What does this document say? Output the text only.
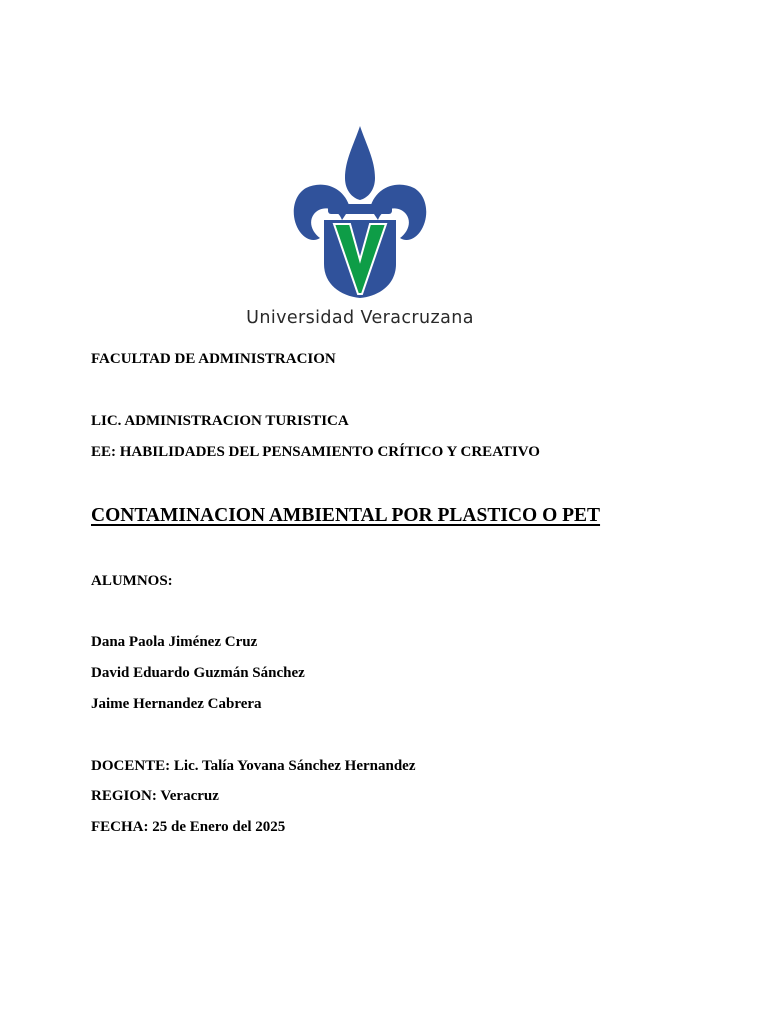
Universidad Veracruzana

FACULTAD DE ADMINISTRACION

LIC. ADMINISTRACION TURISTICA

EE: HABILIDADES DEL PENSAMIENTO CRÍTICO Y CREATIVO

CONTAMINACION AMBIENTAL POR PLASTICO O PET

ALUMNOS:

Dana Paola Jiménez Cruz

David Eduardo Guzmán Sánchez

Jaime Hernandez Cabrera

DOCENTE: Lic. Talía Yovana Sánchez Hernandez

REGION: Veracruz

FECHA: 25 de Enero del 2025
